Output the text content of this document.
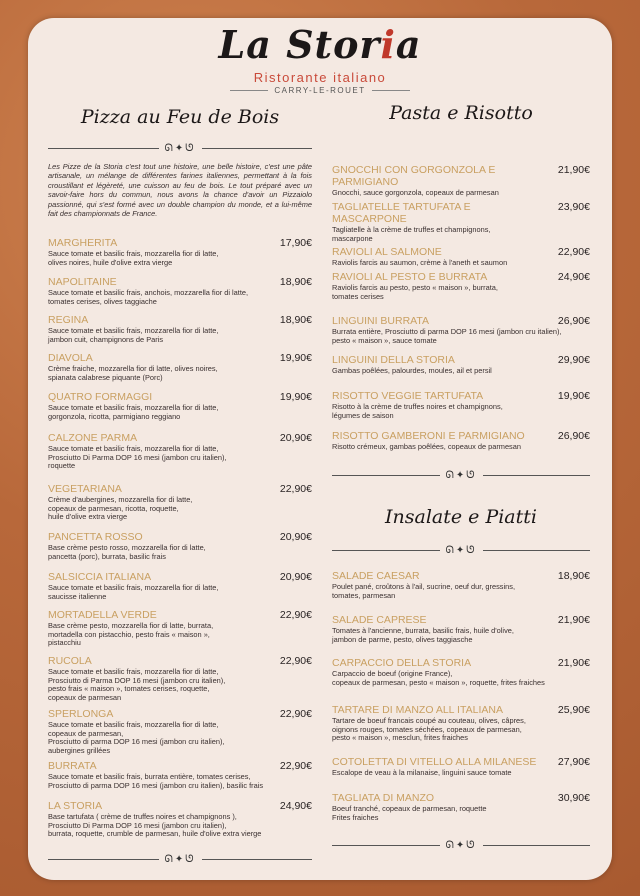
La Storia
Ristorante italiano
CARRY-LE-ROUET
Pizza au Feu de Bois	Pasta e Risotto
Insalate e Piatti
Les Pizze de la Storia c'est tout une histoire, une belle histoire, c'est une pâte artisanale, un mélange de différentes farines italiennes, permettant à la fois croustillant et légèreté, une cuisson au feu de bois. Le tout préparé avec un savoir-faire hors du commun, nous avons la chance d'avoir un Pizzaiolo passionné, qui s'est formé avec un double champion du monde, et a lui-même fait des championnats de France.
MARGHERITA	17,90€
Sauce tomate et basilic frais, mozzarella fior di latte,
olives noires, huile d'olive extra vierge
NAPOLITAINE	18,90€
Sauce tomate et basilic frais, anchois, mozzarella fior di latte,
tomates cerises, olives taggiache
REGINA	18,90€
Sauce tomate et basilic frais, mozzarella fior di latte,
jambon cuit, champignons de Paris
DIAVOLA	19,90€
Crème fraiche, mozzarella fior di latte, olives noires,
spianata calabrese piquante (Porc)
QUATRO FORMAGGI	19,90€
Sauce tomate et basilic frais, mozzarella fior di latte,
gorgonzola, ricotta, parmigiano reggiano
CALZONE PARMA	20,90€
Sauce tomate et basilic frais, mozzarella fior di latte,
Prosciutto Di Parma DOP 16 mesi (jambon cru italien),
roquette
VEGETARIANA	22,90€
Crème d'aubergines, mozzarella fior di latte,
copeaux de parmesan, ricotta, roquette,
huile d'olive extra vierge
PANCETTA ROSSO	20,90€
Base crème pesto rosso, mozzarella fior di latte,
pancetta (porc), burrata, basilic frais
SALSICCIA ITALIANA	20,90€
Sauce tomate et basilic frais, mozzarella fior di latte,
saucisse italienne
MORTADELLA VERDE	22,90€
Base crème pesto, mozzarella fior di latte, burrata,
mortadella con pistacchio, pesto frais « maison »,
pistacchiu
RUCOLA	22,90€
Sauce tomate et basilic frais, mozzarella fior di latte,
Prosciutto di Parma DOP 16 mesi (jambon cru italien),
pesto frais « maison », tomates cerises, roquette,
copeaux de parmesan
SPERLONGA	22,90€
Sauce tomate et basilic frais, mozzarella fior di latte,
copeaux de parmesan,
Prosciutto di parma DOP 16 mesi (jambon cru italien),
aubergines grillées
BURRATA	22,90€
Sauce tomate et basilic frais, burrata entière, tomates cerises,
Prosciutto di parma DOP 16 mesi (jambon cru italien), basilic frais
LA STORIA	24,90€
Base tartufata ( crème de truffes noires et champignons ),
Prosciutto Di Parma DOP 16 mesi (jambon cru italien),
burrata, roquette, crumble de parmesan, huile d'olive extra vierge
GNOCCHI CON GORGONZOLA E PARMIGIANO
21,90€
Gnocchi, sauce gorgonzola, copeaux de parmesan
TAGLIATELLE TARTUFATA E MASCARPONE
23,90€
Tagliatelle à la crème de truffes et champignons,
mascarpone
RAVIOLI AL SALMONE	22,90€
Raviolis farcis au saumon, crème à l'aneth et saumon
RAVIOLI AL PESTO E BURRATA	24,90€
Raviolis farcis au pesto, pesto « maison », burrata,
tomates cerises
LINGUINI BURRATA	26,90€
Burrata entière, Prosciutto di parma DOP 16 mesi (jambon cru italien),
pesto « maison », sauce tomate
LINGUINI DELLA STORIA	29,90€
Gambas poêlées, palourdes, moules, ail et persil
RISOTTO VEGGIE TARTUFATA	19,90€
Risotto à la crème de truffes noires et champignons,
légumes de saison
RISOTTO GAMBERONI E PARMIGIANO	26,90€
Risotto crémeux, gambas poêlées, copeaux de parmesan
SALADE CAESAR	18,90€
Poulet pané, croûtons à l'ail, sucrine, oeuf dur, gressins,
tomates, parmesan
SALADE CAPRESE	21,90€
Tomates à l'ancienne, burrata, basilic frais, huile d'olive,
jambon de parme, pesto, olives taggiasche
CARPACCIO DELLA STORIA	21,90€
Carpaccio de boeuf (origine France),
copeaux de parmesan, pesto « maison », roquette, frites fraiches
TARTARE DI MANZO ALL ITALIANA	25,90€
Tartare de boeuf francais coupé au couteau, olives, câpres,
oignons rouges, tomates séchées, copeaux de parmesan,
pesto « maison », mesclun, frites fraiches
COTOLETTA DI VITELLO ALLA MILANESE	27,90€
Escalope de veau à la milanaise, linguini sauce tomate
TAGLIATA DI MANZO	30,90€
Boeuf tranché, copeaux de parmesan, roquette
Frites fraiches
ᘏ✦ᘎ
ᘏ✦ᘎ
ᘏ✦ᘎ
ᘏ✦ᘎ
ᘏ✦ᘎ
